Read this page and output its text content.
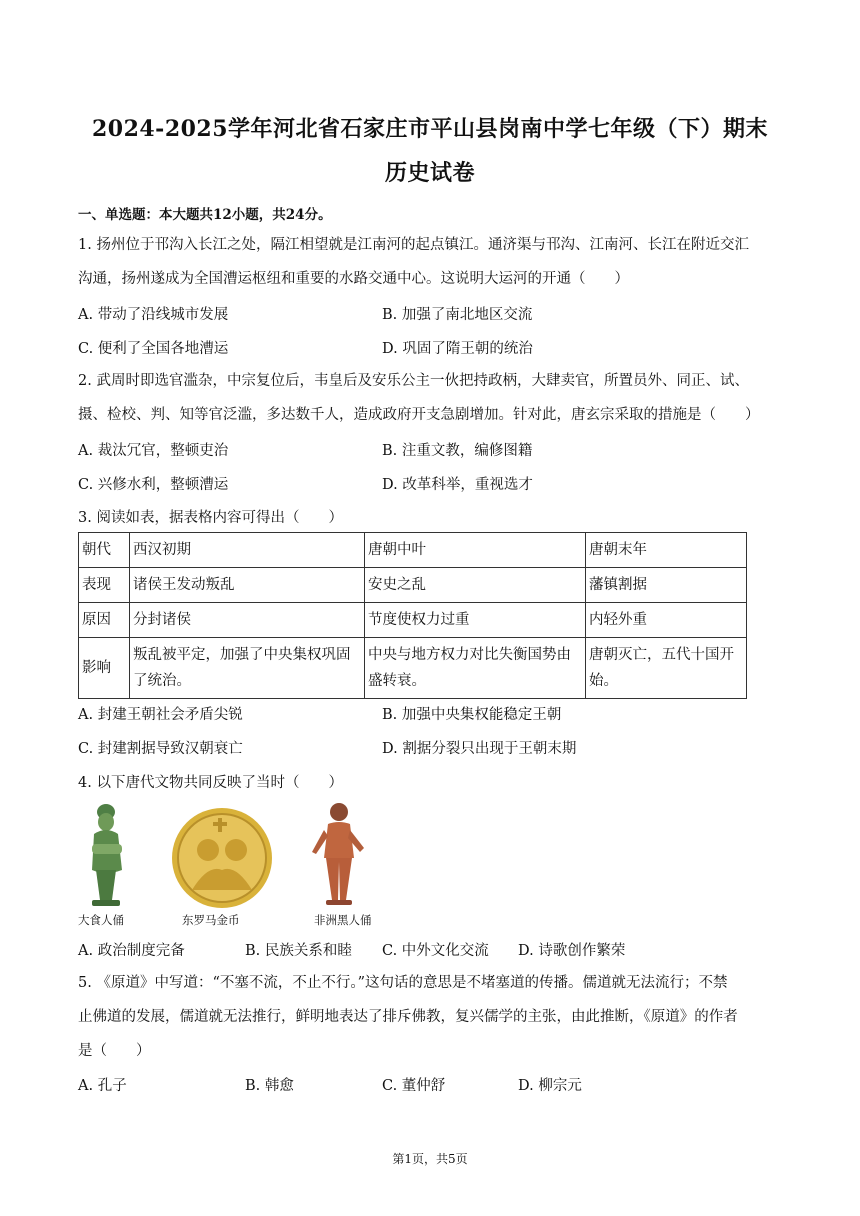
2024-2025学年河北省石家庄市平山县岗南中学七年级（下）期末
历史试卷
一、单选题：本大题共12小题，共24分。
1. 扬州位于邗沟入长江之处，隔江相望就是江南河的起点镇江。通济渠与邗沟、江南河、长江在附近交汇
沟通，扬州遂成为全国漕运枢纽和重要的水路交通中心。这说明大运河的开通（　　）
A. 带动了沿线城市发展	B. 加强了南北地区交流
C. 便利了全国各地漕运	D. 巩固了隋王朝的统治
2. 武周时即选官滥杂，中宗复位后，韦皇后及安乐公主一伙把持政柄，大肆卖官，所置员外、同正、试、
摄、检校、判、知等官泛滥，多达数千人，造成政府开支急剧增加。针对此，唐玄宗采取的措施是（　　）
A. 裁汰冗官，整顿吏治	B. 注重文教，编修图籍
C. 兴修水利，整顿漕运	D. 改革科举，重视选才
3. 阅读如表，据表格内容可得出（　　）
朝代	西汉初期	唐朝中叶	唐朝末年
表现	诸侯王发动叛乱	安史之乱	藩镇割据
原因	分封诸侯	节度使权力过重	内轻外重
影响	叛乱被平定，加强了中央集权巩固了统治。	中央与地方权力对比失衡国势由盛转衰。	唐朝灭亡，五代十国开始。
A. 封建王朝社会矛盾尖锐	B. 加强中央集权能稳定王朝
C. 封建割据导致汉朝衰亡	D. 割据分裂只出现于王朝末期
4. 以下唐代文物共同反映了当时（　　）
大食人俑	东罗马金币	非洲黑人俑
A. 政治制度完备	B. 民族关系和睦 C. 中外文化交流 D. 诗歌创作繁荣
5. 《原道》中写道：“不塞不流，不止不行。”这句话的意思是不堵塞道的传播。儒道就无法流行；不禁
止佛道的发展，儒道就无法推行，鲜明地表达了排斥佛教，复兴儒学的主张，由此推断，《原道》的作者
是（　　）
A. 孔子	B. 韩愈	C. 董仲舒	D. 柳宗元
第1页，共5页
